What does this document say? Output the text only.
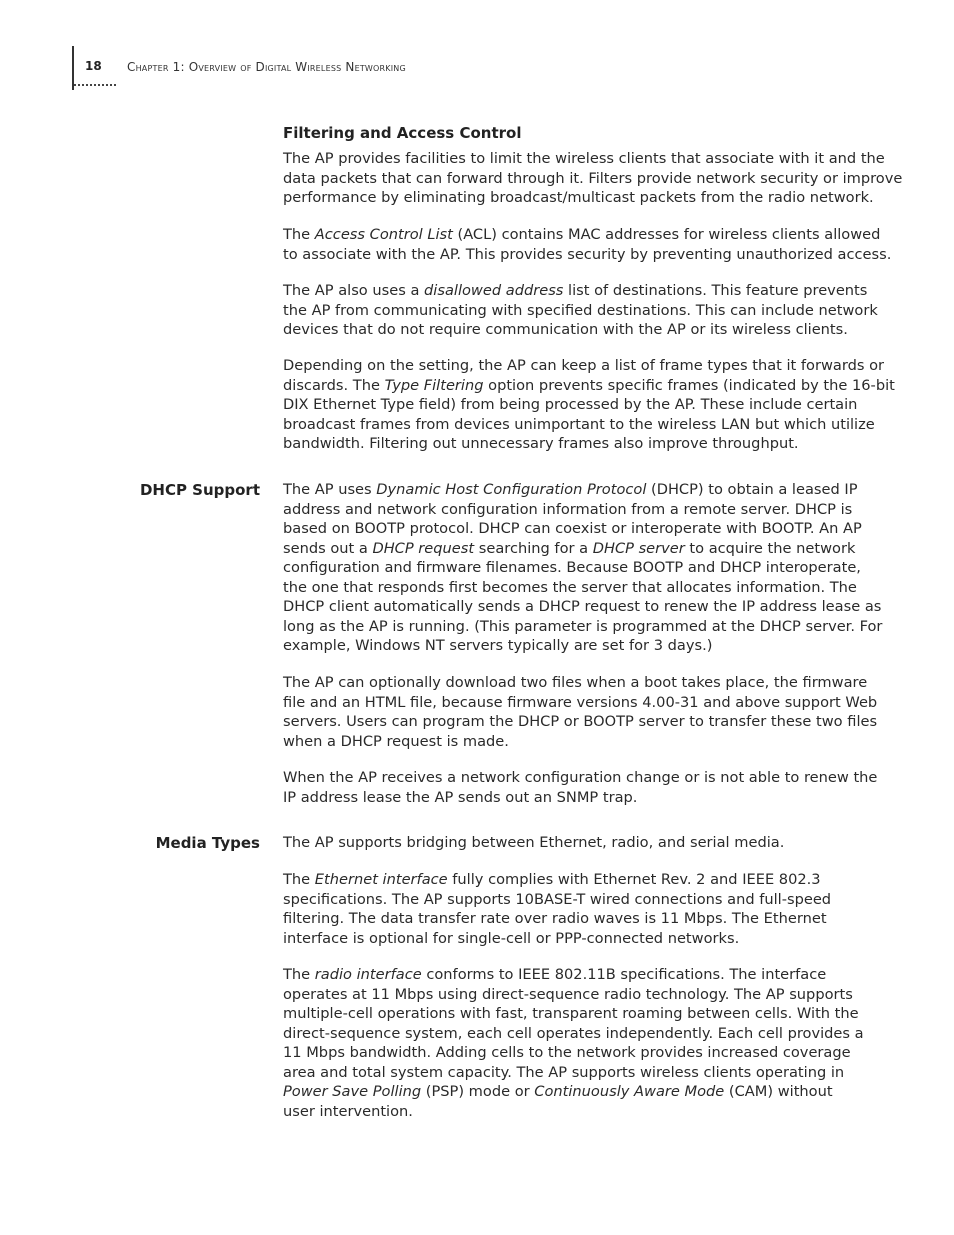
18 Chapter 1: Overview of Digital Wireless Networking
Filtering and Access Control
The AP provides facilities to limit the wireless clients that associate with it and the
data packets that can forward through it. Filters provide network security or improve
performance by eliminating broadcast/multicast packets from the radio network.
The Access Control List (ACL) contains MAC addresses for wireless clients allowed
to associate with the AP. This provides security by preventing unauthorized access.
The AP also uses a disallowed address list of destinations. This feature prevents
the AP from communicating with specified destinations. This can include network
devices that do not require communication with the AP or its wireless clients.
Depending on the setting, the AP can keep a list of frame types that it forwards or
discards. The Type Filtering option prevents specific frames (indicated by the 16-bit
DIX Ethernet Type field) from being processed by the AP. These include certain
broadcast frames from devices unimportant to the wireless LAN but which utilize
bandwidth. Filtering out unnecessary frames also improve throughput.
DHCP Support The AP uses Dynamic Host Configuration Protocol (DHCP) to obtain a leased IP
address and network configuration information from a remote server. DHCP is
based on BOOTP protocol. DHCP can coexist or interoperate with BOOTP. An AP
sends out a DHCP request searching for a DHCP server to acquire the network
configuration and firmware filenames. Because BOOTP and DHCP interoperate,
the one that responds first becomes the server that allocates information. The
DHCP client automatically sends a DHCP request to renew the IP address lease as
long as the AP is running. (This parameter is programmed at the DHCP server. For
example, Windows NT servers typically are set for 3 days.)
The AP can optionally download two files when a boot takes place, the firmware
file and an HTML file, because firmware versions 4.00-31 and above support Web
servers. Users can program the DHCP or BOOTP server to transfer these two files
when a DHCP request is made.
When the AP receives a network configuration change or is not able to renew the
IP address lease the AP sends out an SNMP trap.
Media Types The AP supports bridging between Ethernet, radio, and serial media.
The Ethernet interface fully complies with Ethernet Rev. 2 and IEEE 802.3
specifications. The AP supports 10BASE-T wired connections and full-speed
filtering. The data transfer rate over radio waves is 11 Mbps. The Ethernet
interface is optional for single-cell or PPP-connected networks.
The radio interface conforms to IEEE 802.11B specifications. The interface
operates at 11 Mbps using direct-sequence radio technology. The AP supports
multiple-cell operations with fast, transparent roaming between cells. With the
direct-sequence system, each cell operates independently. Each cell provides a
11 Mbps bandwidth. Adding cells to the network provides increased coverage
area and total system capacity. The AP supports wireless clients operating in
Power Save Polling (PSP) mode or Continuously Aware Mode (CAM) without
user intervention.
